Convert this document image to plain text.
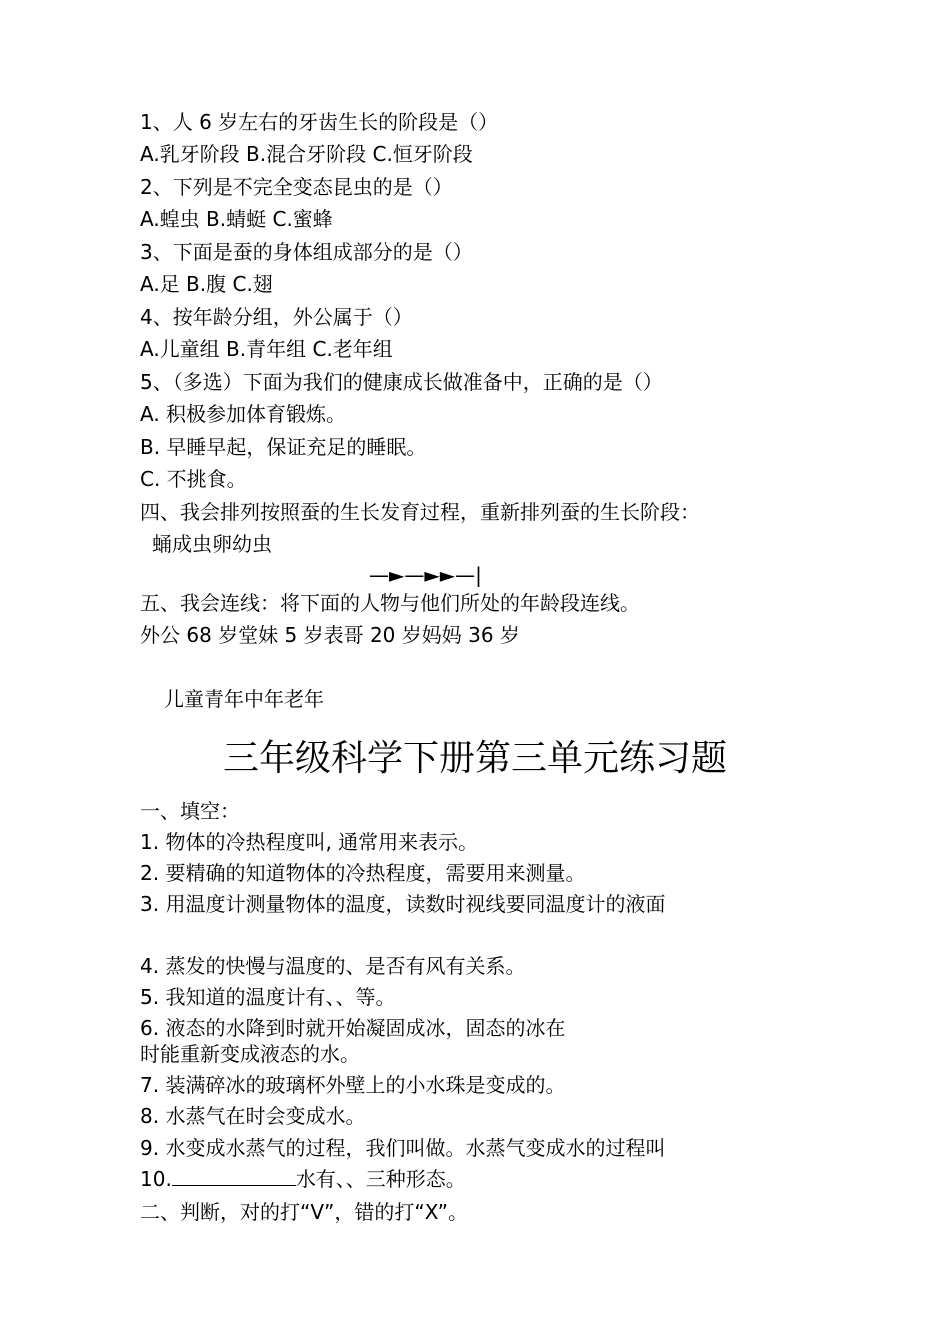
1、人 6 岁左右的牙齿生长的阶段是（）
A.乳牙阶段 B.混合牙阶段 C.恒牙阶段
2、下列是不完全变态昆虫的是（）
A.蝗虫 B.蜻蜓 C.蜜蜂
3、下面是蚕的身体组成部分的是（）
A.足 B.腹 C.翅
4、按年龄分组，外公属于（）
A.儿童组 B.青年组 C.老年组
5、（多选）下面为我们的健康成长做准备中，正确的是（）
A. 积极参加体育锻炼。
B. 早睡早起，保证充足的睡眠。
C. 不挑食。
四、我会排列按照蚕的生长发育过程，重新排列蚕的生长阶段：
蛹成虫卵幼虫
—►—►►—|
五、我会连线：将下面的人物与他们所处的年龄段连线。
外公 68 岁堂妹 5 岁表哥 20 岁妈妈 36 岁
儿童青年中年老年
三年级科学下册第三单元练习题
一、填空：
1. 物体的冷热程度叫, 通常用来表示。
2. 要精确的知道物体的冷热程度，需要用来测量。
3. 用温度计测量物体的温度，读数时视线要同温度计的液面
4. 蒸发的快慢与温度的、是否有风有关系。
5. 我知道的温度计有、、等。
6. 液态的水降到时就开始凝固成冰，固态的冰在
时能重新变成液态的水。
7. 装满碎冰的玻璃杯外壁上的小水珠是变成的。
8. 水蒸气在时会变成水。
9. 水变成水蒸气的过程，我们叫做。水蒸气变成水的过程叫
10.	水有、、三种形态。
二、判断，对的打“V”，错的打“X”。
